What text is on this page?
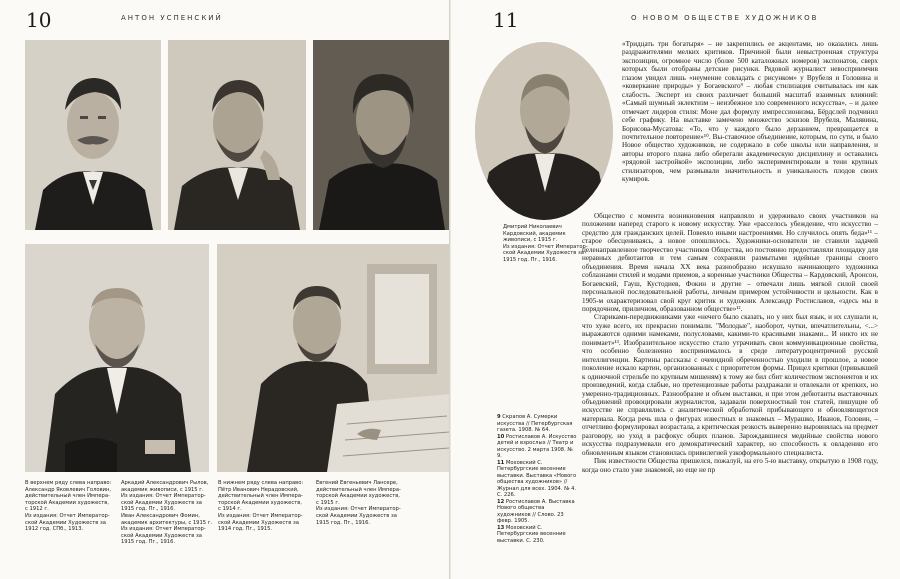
10	АНТОН УСПЕНСКИЙ

В верхнем ряду слева направо:

Александр Яковлевич Головин,

действительный член Импера-

торской Академии художеств,

с 1912 г.

Из издания: Отчет Император-

ской Академии Художеств за

1912 год. СПб., 1913.

Аркадий Александрович Рылов,

академик живописи, с 1915 г.

Из издания: Отчет Император-

ской Академии Художеств за

1915 год. Пг., 1916.

Иван Александрович Фомин,

академик архитектуры, с 1915 г.

Из издания: Отчет Император-

ской Академии Художеств за

1915 год. Пг., 1916.

В нижнем ряду слева направо:

Пётр Иванович Нерадовский,

действительный член Импера-

торской Академии художеств,

с 1914 г.

Из издания: Отчет Император-

ской Академии Художеств за

1914 год. Пг., 1915.

Евгений Евгеньевич Лансере,

действительный член Импера-

торской Академии художеств,

с 1915 г.

Из издания: Отчет Император-

ской Академии Художеств за

1915 год. Пг., 1916.

11	О НОВОМ ОБЩЕСТВЕ ХУДОЖНИКОВ

Дмитрий Николаевич

Кардовский, академик

живописи, с 1915 г.

Из издания: Отчет Император-

ской Академии Художеств за

1915 год. Пг., 1916.

«Тридцать три богатыря» – не закрепились ее акцентами, но оказались лишь раздражителями мелких критиков. Причиной были невыстроенная структура экспозиции, огромное число (более 500 каталожных номеров) экспонатов, сверх которых были отобраны детские рисунки. Рядовой журналист невосприимчив глазом увидел лишь «неумение совладать с рисунком» у Врубеля и Головина и «коверкание природы» у Богаевского⁹ – любая стилизация считывалась им как слабость. Эксперт из своих различает больший масштаб взаимных влияний: «Самый шумный эклектизм – неизбежное зло современного искусства», – и далее отмечает лидеров стиля: Моне дал формулу импрессионизма, Бёрдслей подчинил себе графику. На выставке замечено множество эскизов Врубеля, Малявина, Борисова-Мусатова: «То, что у каждого было дерзанием, превращается в почтительное повторение»¹⁰. Вы-ставочное объединение, которым, по сути, и было Новое общество художников, не содержало в себе школы или направления, и авторы второго плана либо оберегали академическую дисциплину и оставались «рядовой застройкой» экспозиции, либо экспериментировали в тени крупных стилизаторов, чем размывали значительность и уникальность плодов своих кумиров.

Общество с момента возникновения направляло и удерживало своих участников на положении наперед старого к новому искусству. Уже «расселось убеждение, что искусство – средство для гражданских целей. Повеяло иными настроениями. Но случилось опять беда»¹¹ – старое обесцениваясь, а новое опошлилось. Художники-основатели не ставили задачей целенаправленное творчество участников Общества, но постоянно предоставляли площадку для неравных дебютантов и тем самым сохраняли размытыми идейные границы своего объединения. Время начала XX века разнообразно искушало начинающего художника соблазнами стилей и модами приемов, а коренные участники Общества – Кардовский, Аронсон, Богаевский, Гауш, Кустодиев, Фокин и другие – отвечали лишь мягкой силой своей персональной последовательной работы, личным примером устойчивости и цельности. Как в 1905-м охарактеризовал свой круг критик и художник Александр Ростиславов, «здесь мы в порядочном, приличном, образованном обществе»¹².

Стариками-передвижниками уже «нечего было сказать, но у них был язык, и их слушали и, что хуже всего, их прекрасно понимали. "Молодые", наоборот, чутки, впечатлительны, <...> выражаются одними намеками, полусловами, какими-то красивыми знаками... И никто их не понимает»¹³. Изобразительное искусство стало утрачивать свои коммуникационные свойства, что особенно болезненно воспринималось в среде литературоцентричной русской интеллигенции. Картины рассказы с очевидной обреченностью уходили в прошлое, а новое поколение искало картин, организованных с приоритетом формы. Прицел критики (привыкшей к одиночной стрельбе по крупным мишеням) к тому же бил сбит количеством экспонентов и их произведений, когда слабые, но претенциозные работы раздражали и отвлекали от крепких, но умеренно-традиционных. Разнообразие и объем выставки, и при этом дебютанты выставочных объединений провоцировали журналистов, задавали поверхностный тон статей, пишущие об искусстве не справлялись с аналитической обработкой прибывающего и обновляющегося материала. Когда речь шла о фигурах известных и знакомых – Мурашко, Иванов, Головин, – отчетливо формулировал возрастала, а критическая резкость выверенно выровнялась на предмет разговору, но уход в расфокус общих планов. Зарождавшиеся медийные свойства нового искусства подразумевали его демократический характер, но способность к овладению его обновленным языком становилась привилегией узкоформального специалиста.

Пик известности Общества пришелся, пожалуй, на его 5-ю выставку, открытую в 1908 году, когда оно стало уже знакомой, но еще не пр

9 Скрапов А. Сумерки искусства // Петербургская газета. 1908. № 64.

10 Ростиславов А. Искусство детей и взрослых // Театр и искусство. 2 марта 1908. № 9.

11 Моховский С. Петербургские весенние выставки. Выставка «Нового общества художников» // Журнал для всех. 1904. № 4. С. 226.

12 Ростиславов А. Выставка Нового общества художников // Слово. 23 февр. 1905.

13 Моховский С. Петербургские весенние выставки. С. 230.
